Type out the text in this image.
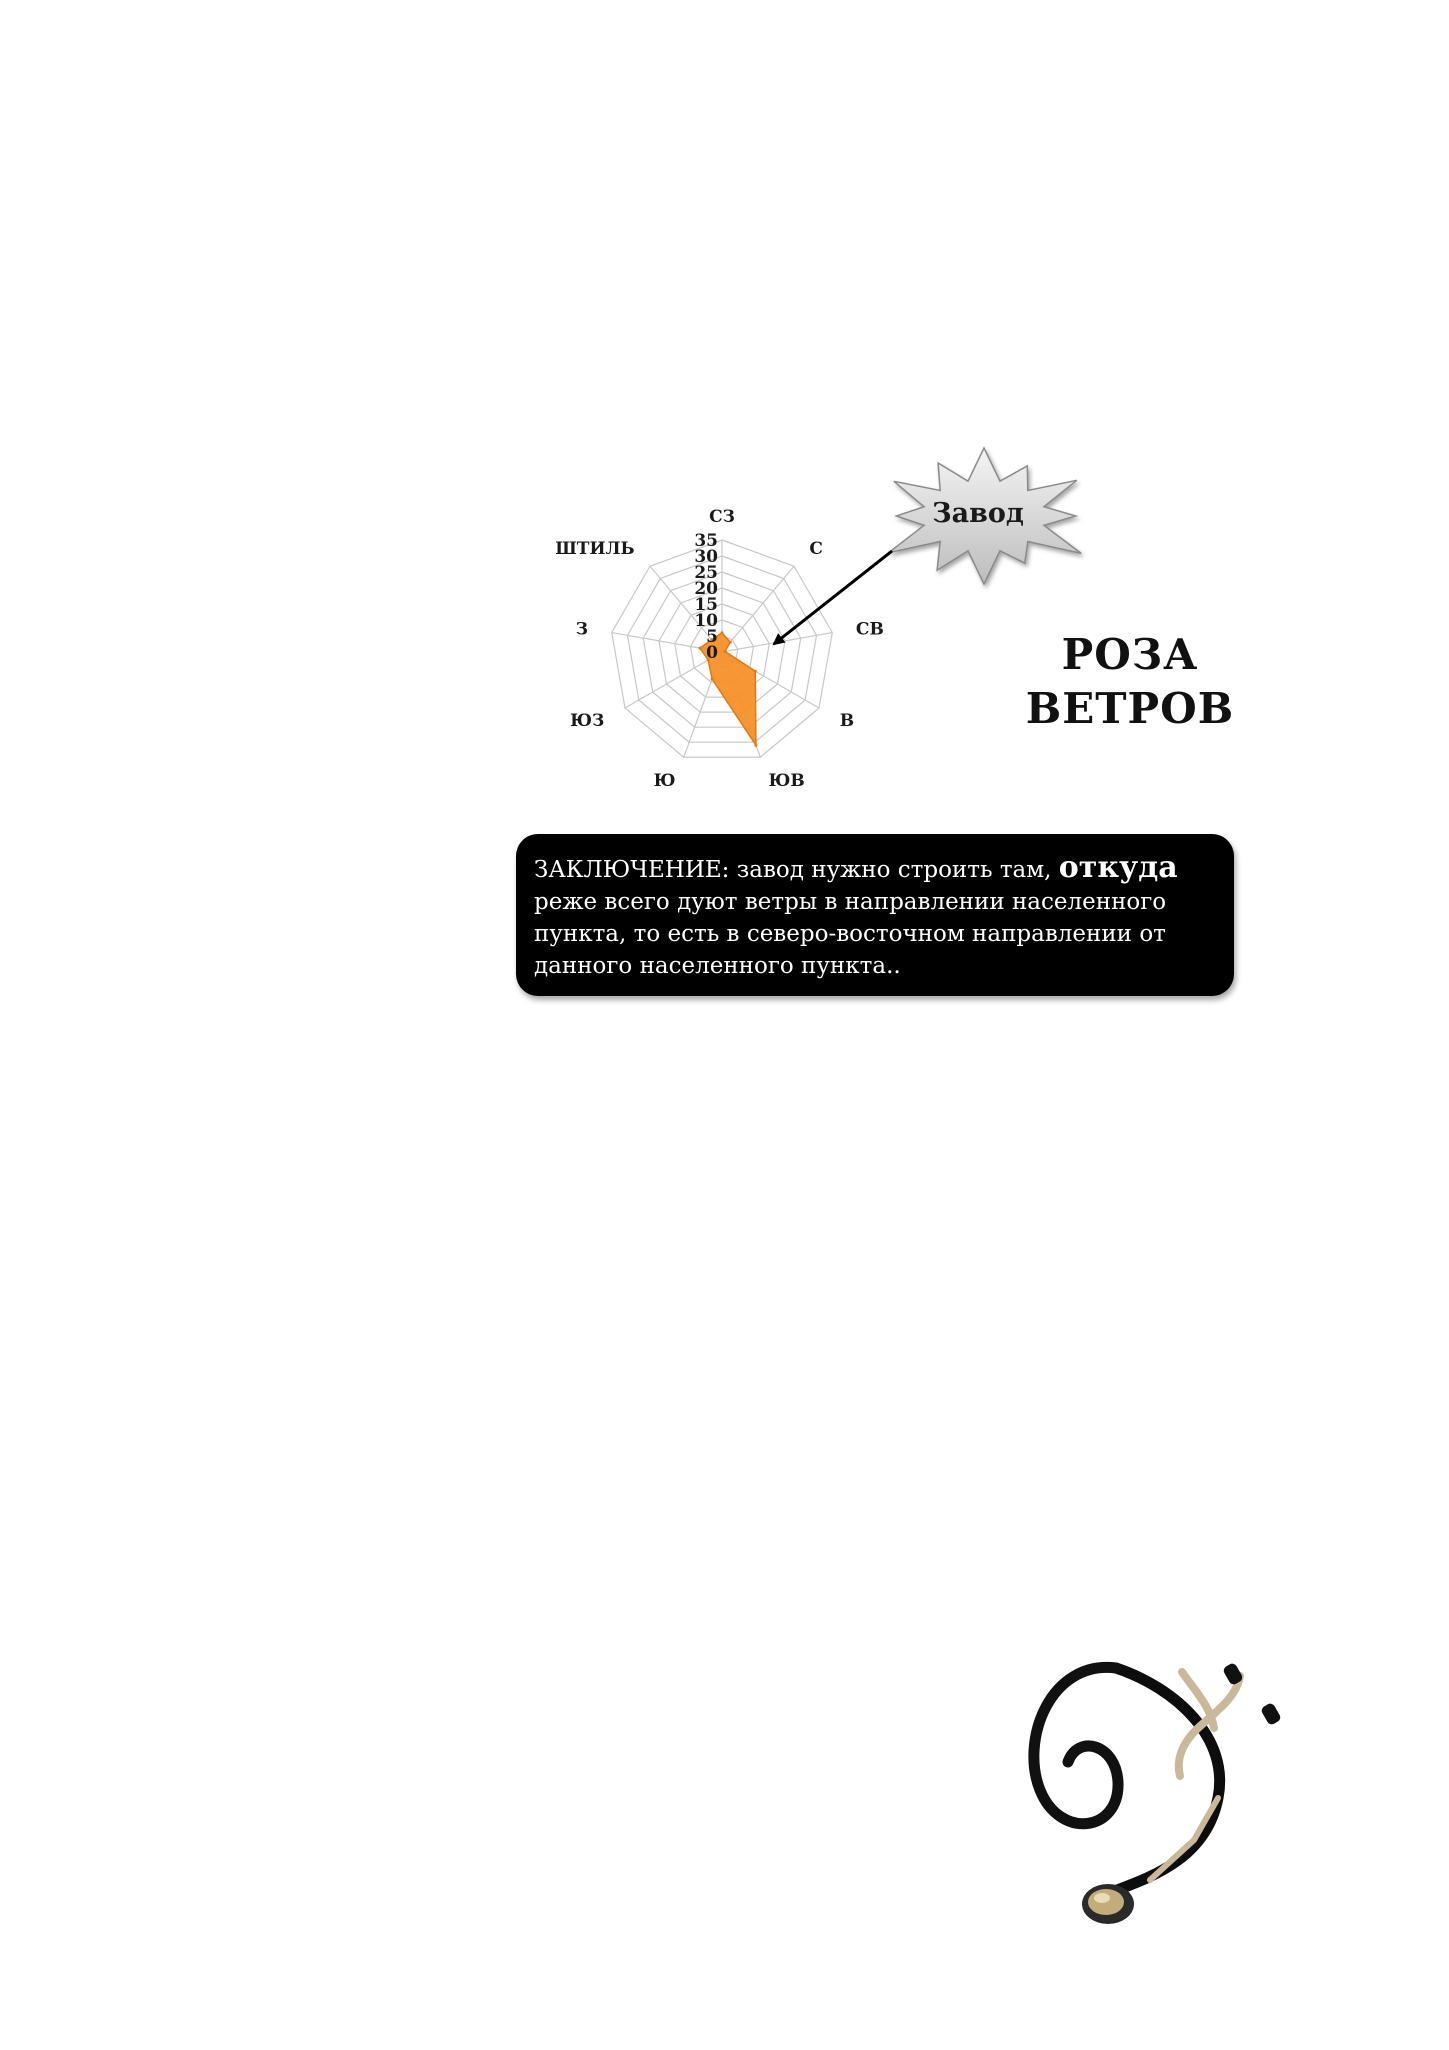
СЗ
С
СВ
В
ЮВ
Ю
ЮЗ
З
ШТИЛЬ
0
5
10
15
20
25
30
35
Завод
РОЗА
ВЕТРОВ
ЗАКЛЮЧЕНИЕ: завод нужно строить там, откуда реже всего дуют ветры в направлении населенного пункта, то есть в северо-восточном направлении от данного населенного пункта..
